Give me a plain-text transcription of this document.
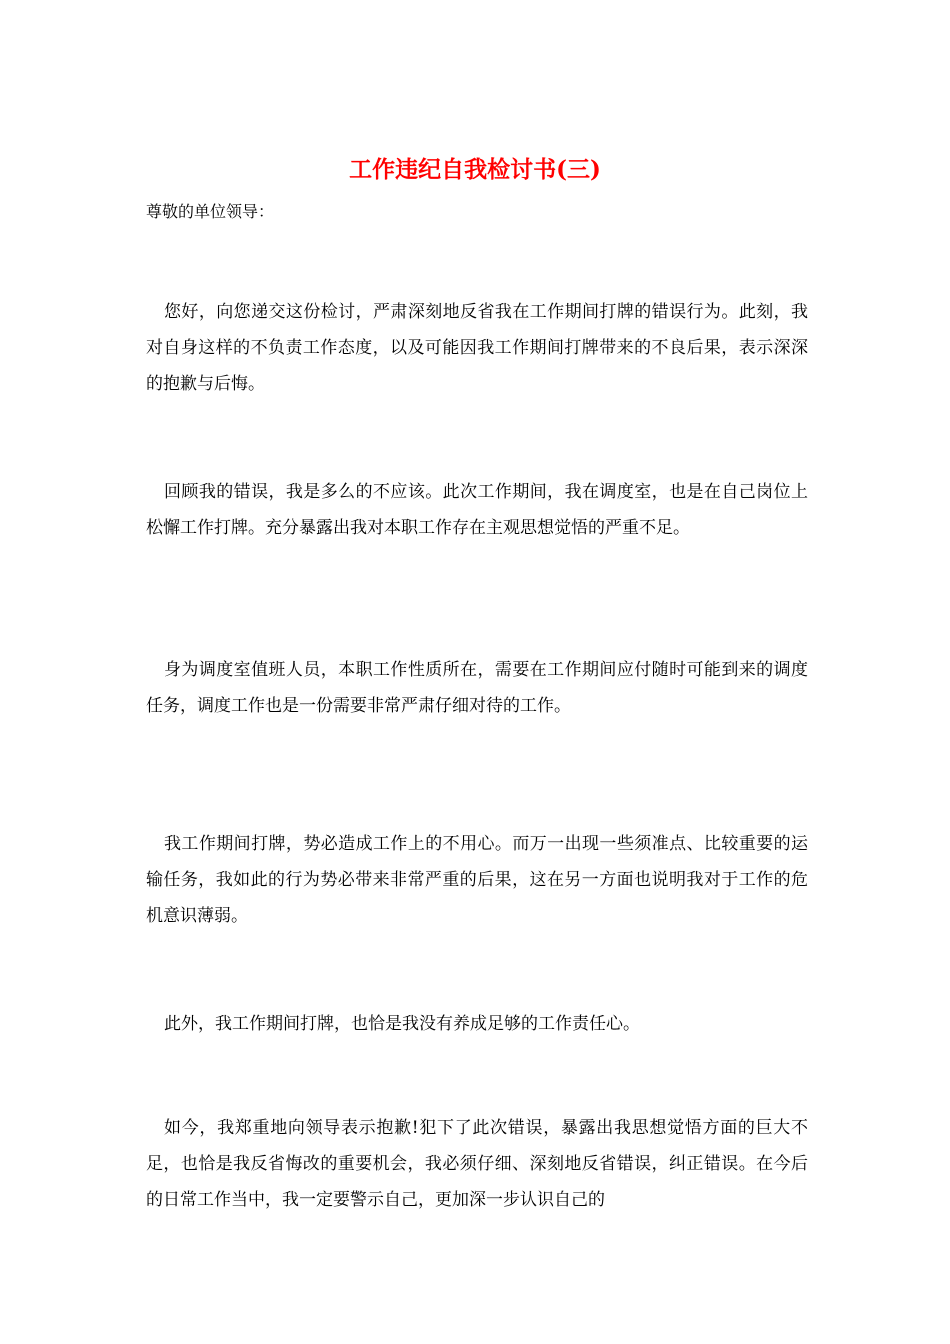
工作违纪自我检讨书(三)
尊敬的单位领导：
您好，向您递交这份检讨，严肃深刻地反省我在工作期间打牌的错误行为。此刻，我对自身这样的不负责工作态度，以及可能因我工作期间打牌带来的不良后果，表示深深的抱歉与后悔。
回顾我的错误，我是多么的不应该。此次工作期间，我在调度室，也是在自己岗位上松懈工作打牌。充分暴露出我对本职工作存在主观思想觉悟的严重不足。
身为调度室值班人员，本职工作性质所在，需要在工作期间应付随时可能到来的调度任务，调度工作也是一份需要非常严肃仔细对待的工作。
我工作期间打牌，势必造成工作上的不用心。而万一出现一些须准点、比较重要的运输任务，我如此的行为势必带来非常严重的后果，这在另一方面也说明我对于工作的危机意识薄弱。
此外，我工作期间打牌，也恰是我没有养成足够的工作责任心。
如今，我郑重地向领导表示抱歉!犯下了此次错误，暴露出我思想觉悟方面的巨大不足，也恰是我反省悔改的重要机会，我必须仔细、深刻地反省错误，纠正错误。在今后的日常工作当中，我一定要警示自己，更加深一步认识自己的
